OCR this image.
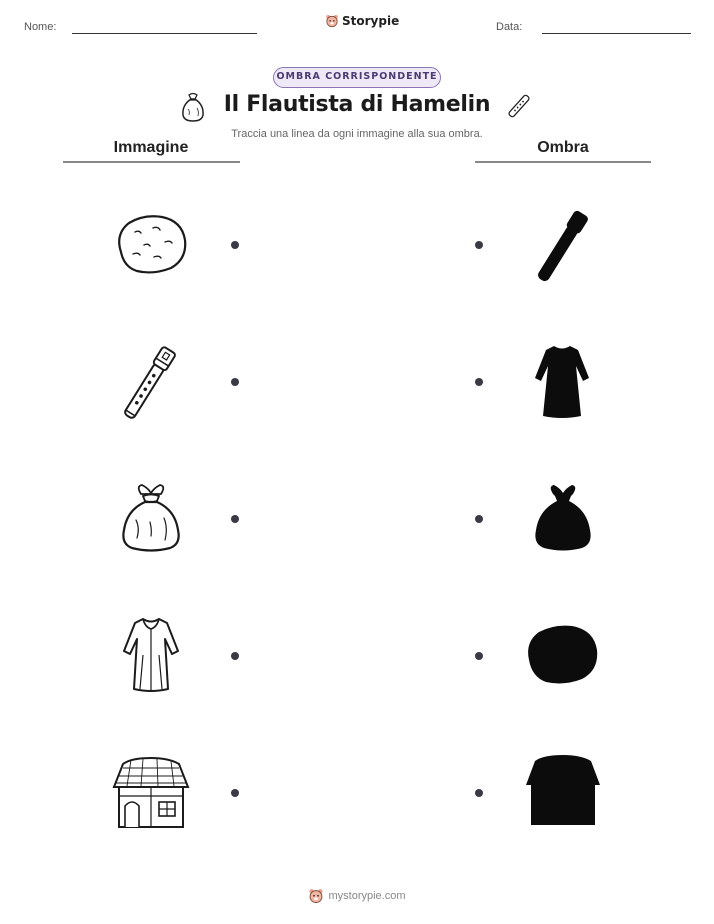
Nome:	Storypie	Data:
OMBRA CORRISPONDENTE
Il Flautista di Hamelin
Traccia una linea da ogni immagine alla sua ombra.
Immagine	Ombra
mystorypie.com
